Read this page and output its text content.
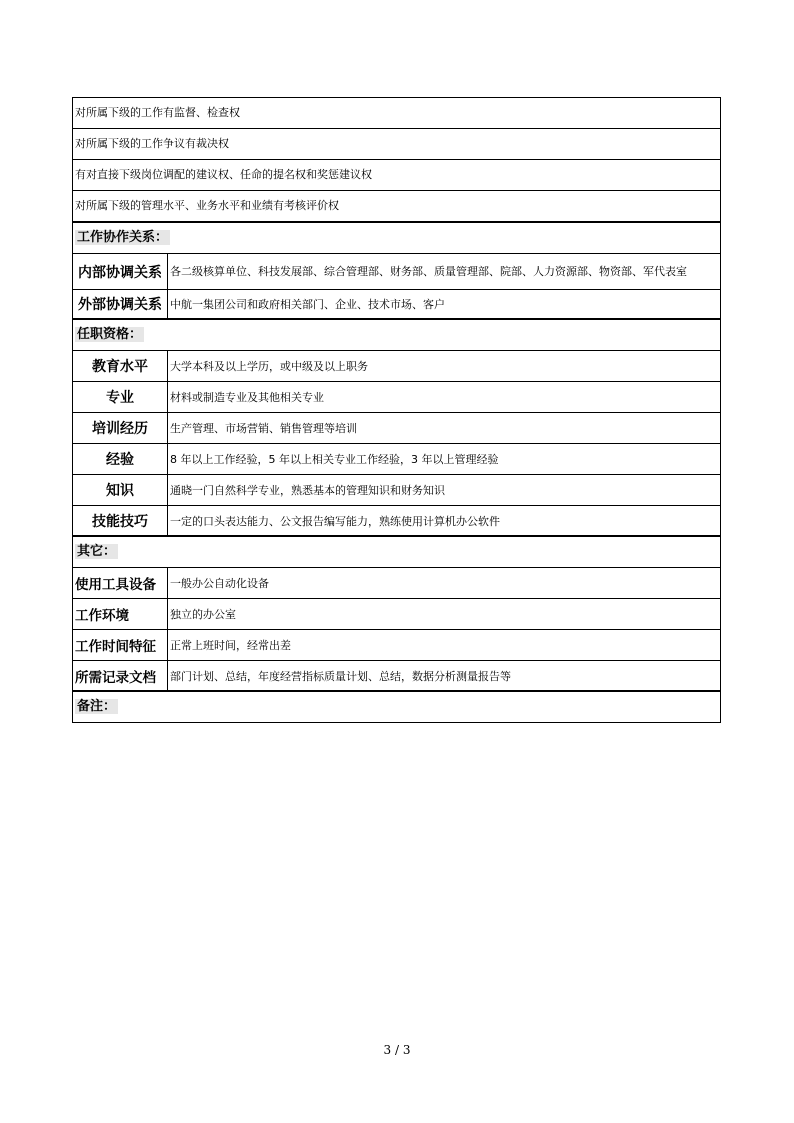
对所属下级的工作有监督、检查权
对所属下级的工作争议有裁决权
有对直接下级岗位调配的建议权、任命的提名权和奖惩建议权
对所属下级的管理水平、业务水平和业绩有考核评价权
工作协作关系：
内部协调关系 各二级核算单位、科技发展部、综合管理部、财务部、质量管理部、院部、人力资源部、物资部、军代表室
外部协调关系 中航一集团公司和政府相关部门、企业、技术市场、客户
任职资格：
教育水平	大学本科及以上学历，或中级及以上职务
专业	材料或制造专业及其他相关专业
培训经历	生产管理、市场营销、销售管理等培训
经验	8 年以上工作经验，5 年以上相关专业工作经验，3 年以上管理经验
知识	通晓一门自然科学专业，熟悉基本的管理知识和财务知识
技能技巧	一定的口头表达能力、公文报告编写能力，熟练使用计算机办公软件
其它：
使用工具设备	一般办公自动化设备
工作环境	独立的办公室
工作时间特征	正常上班时间，经常出差
所需记录文档	部门计划、总结，年度经营指标质量计划、总结，数据分析测量报告等
备注：
3 / 3
